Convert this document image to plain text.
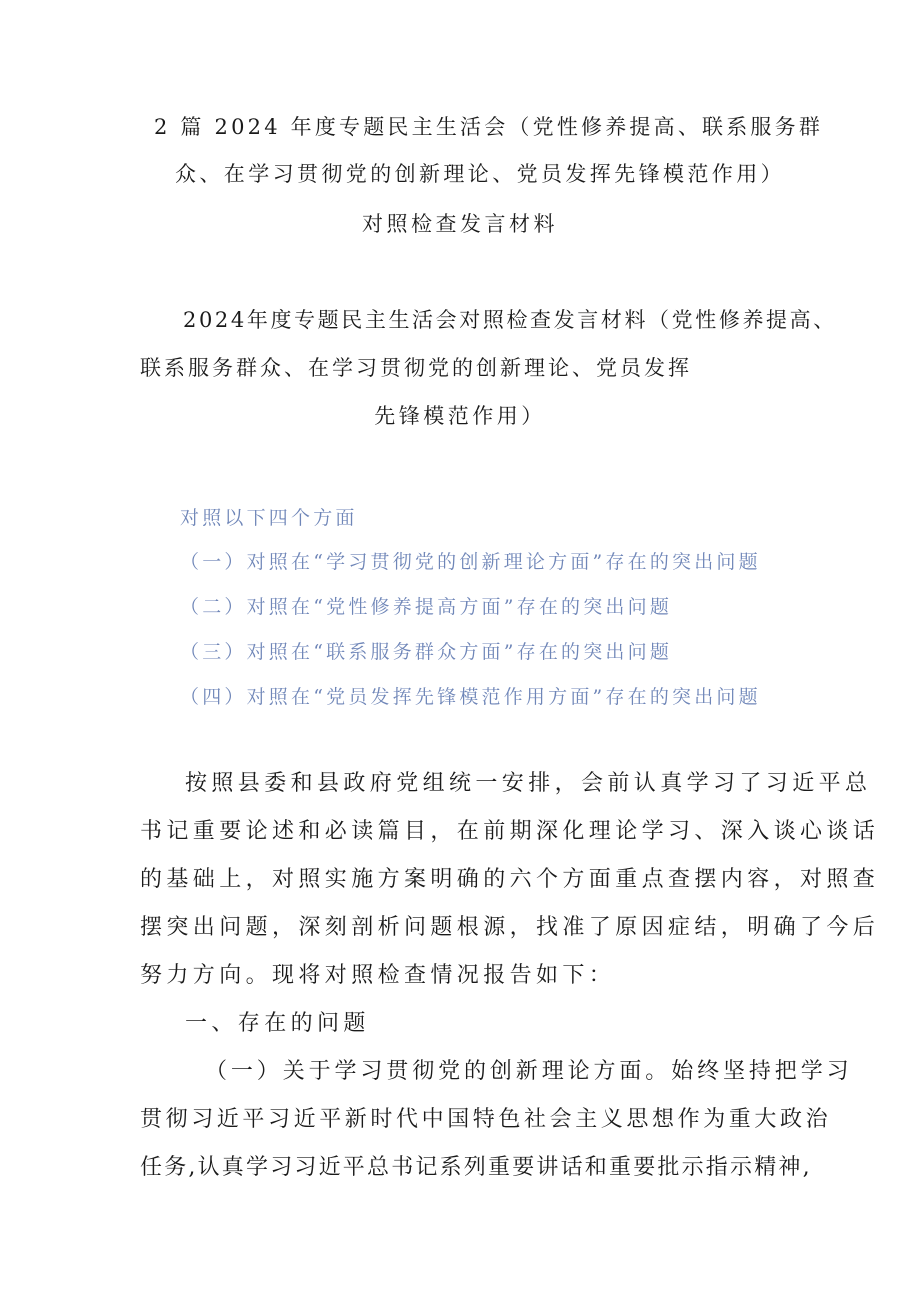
2 篇 2024 年度专题民主生活会（党性修养提高、联系服务群
众、在学习贯彻党的创新理论、党员发挥先锋模范作用）
对照检查发言材料
2024年度专题民主生活会对照检查发言材料（党性修养提高、
联系服务群众、在学习贯彻党的创新理论、党员发挥
先锋模范作用）
对照以下四个方面
（一）对照在“学习贯彻党的创新理论方面”存在的突出问题
（二）对照在“党性修养提高方面”存在的突出问题
（三）对照在“联系服务群众方面”存在的突出问题
（四）对照在“党员发挥先锋模范作用方面”存在的突出问题
按照县委和县政府党组统一安排，会前认真学习了习近平总
书记重要论述和必读篇目，在前期深化理论学习、深入谈心谈话
的基础上，对照实施方案明确的六个方面重点查摆内容，对照查
摆突出问题，深刻剖析问题根源，找准了原因症结，明确了今后
努力方向。现将对照检查情况报告如下：
一、存在的问题
（一）关于学习贯彻党的创新理论方面。始终坚持把学习
贯彻习近平习近平新时代中国特色社会主义思想作为重大政治
任务,认真学习习近平总书记系列重要讲话和重要批示指示精神,
